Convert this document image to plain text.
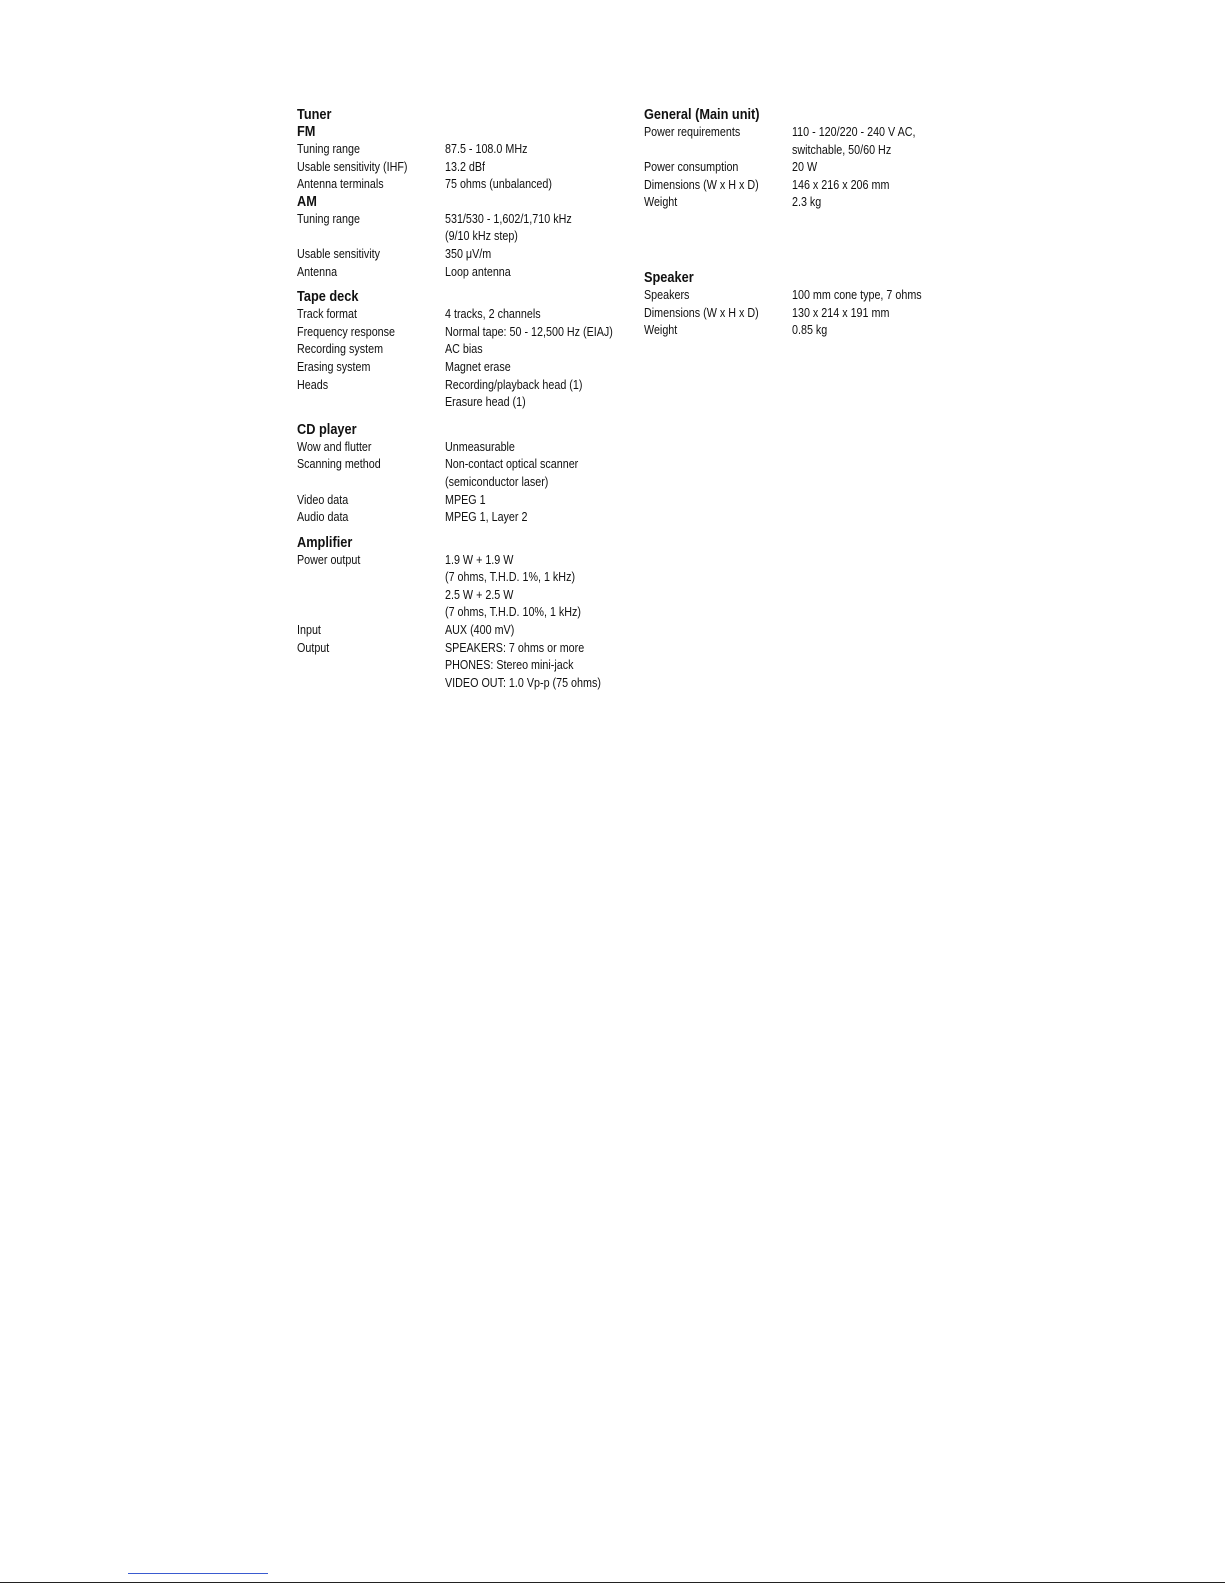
Tuner
FM
Tuning range	87.5 - 108.0 MHz
Usable sensitivity (IHF)	13.2 dBf
Antenna terminals	75 ohms (unbalanced)
AM
Tuning range	531/530 - 1,602/1,710 kHz
(9/10 kHz step)
Usable sensitivity	350 μV/m
Antenna	Loop antenna
Tape deck
Track format	4 tracks, 2 channels
Frequency response	Normal tape: 50 - 12,500 Hz (EIAJ)
Recording system	AC bias
Erasing system	Magnet erase
Heads	Recording/playback head (1)
Erasure head (1)
CD player
Wow and flutter	Unmeasurable
Scanning method	Non-contact optical scanner
(semiconductor laser)
Video data	MPEG 1
Audio data	MPEG 1, Layer 2
Amplifier
Power output	1.9 W + 1.9 W
(7 ohms, T.H.D. 1%, 1 kHz)
2.5 W + 2.5 W
(7 ohms, T.H.D. 10%, 1 kHz)
Input	AUX (400 mV)
Output	SPEAKERS: 7 ohms or more
PHONES: Stereo mini-jack
VIDEO OUT: 1.0 Vp-p (75 ohms)
General (Main unit)
Power requirements	110 - 120/220 - 240 V AC,
switchable, 50/60 Hz
Power consumption	20 W
Dimensions (W x H x D)	146 x 216 x 206 mm
Weight	2.3 kg
Speaker
Speakers	100 mm cone type, 7 ohms
Dimensions (W x H x D)	130 x 214 x 191 mm
Weight	0.85 kg
